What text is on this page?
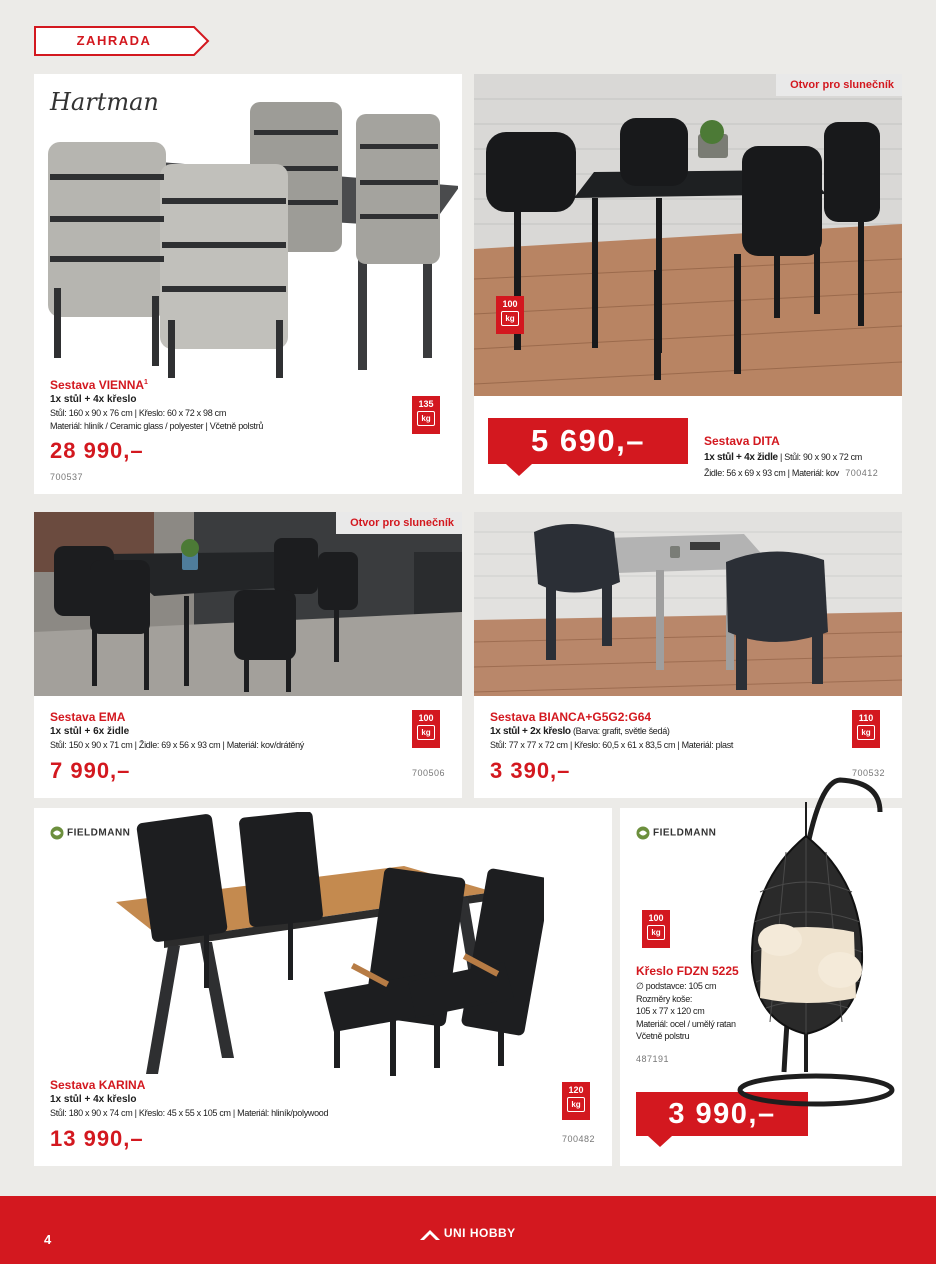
ZAHRADA
Hartman
Sestava VIENNA$^1$
1x stůl + 4x křeslo
Stůl: 160 x 90 x 76 cm | Křeslo: 60 x 72 x 98 cm
Materiál: hliník / Ceramic glass / polyester | Včetně polstrů
28 990,–
700537
135
kg
Otvor pro slunečník
100
kg
5 690,–	Sestava DITA
1x stůl + 4x židle | Stůl: 90 x 90 x 72 cm
Židle: 56 x 69 x 93 cm | Materiál: kov 700412
Otvor pro slunečník
Sestava EMA
1x stůl + 6x židle
Stůl: 150 x 90 x 71 cm | Židle: 69 x 56 x 93 cm | Materiál: kov/drátěný
7 990,–	700506
100
kg
Sestava BIANCA+G5G2:G64
1x stůl + 2x křeslo (Barva: grafit, světle šedá)
Stůl: 77 x 77 x 72 cm | Křeslo: 60,5 x 61 x 83,5 cm | Materiál: plast
3 390,–	700532
110
kg
FIELDMANN
Sestava KARINA
1x stůl + 4x křeslo
Stůl: 180 x 90 x 74 cm | Křeslo: 45 x 55 x 105 cm | Materiál: hliník/polywood
13 990,–	700482
120
kg
FIELDMANN
100
kg
Křeslo FDZN 5225
∅ podstavce: 105 cm
Rozměry koše:
105 x 77 x 120 cm
Materiál: ocel / umělý ratan
Včetně polstru
487191
3 990,–
4	UNI HOBBY
